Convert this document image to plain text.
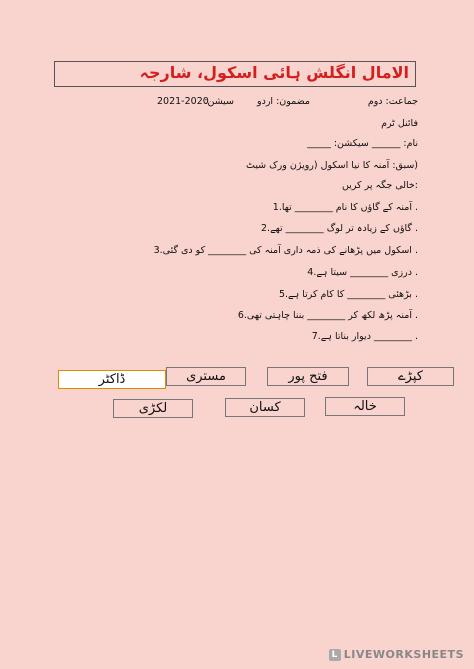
الامال انگلش ہائی اسکول، شارجہ
جماعت: دوم
مضمون: اردو
سیشن:
2021-2020
فائنل ٹرم
نام: ______ سیکشن: _____
(سبق: آمنہ کا نیا اسکول (رویژن ورک شیٹ
:خالی جگہ پر کریں
. آمنہ کے گاؤں کا نام ________ تھا.1
. گاؤں کے زیادہ تر لوگ ________ تھے.2
. اسکول میں پڑھانے کی ذمہ داری آمنہ کی ________ کو دی گئی.3
. درزی ________ سیتا ہے.4
. بڑھئی ________ کا کام کرتا ہے.5
. آمنہ پڑھ لکھ کر ________ بننا چاہتی تھی.6
. ________ دیوار بناتا ہے.7
کپڑے
فتح پور
مستری
ڈاکٹر
خالہ
کسان
لکڑی
L LIVEWORKSHEETS
